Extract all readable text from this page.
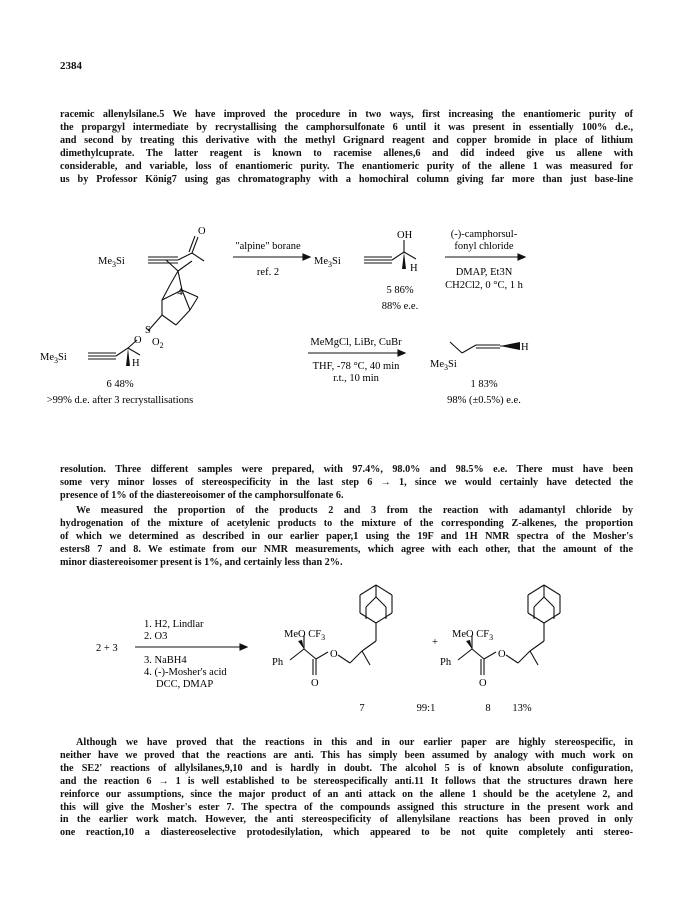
2384
racemic allenylsilane.5 We have improved the procedure in two ways, first increasing the enantiomeric purity of
the propargyl intermediate by recrystallising the camphorsulfonate 6 until it was present in essentially 100% d.e.,
and second by treating this derivative with the methyl Grignard reagent and copper bromide in place of lithium
dimethylcuprate. The latter reagent is known to racemise allenes,6 and did indeed give us allene with
considerable, and variable, loss of enantiomeric purity. The enantiomeric purity of the allene 1 was measured for
us by Professor König7 using gas chromatography with a homochiral column giving far more than just base-line
$Me_3Si$
O
"alpine" borane
ref. 2
4
$Me_3Si$
OH
H
5 86%
88% e.e.
(-)-camphorsul-
fonyl chloride
DMAP, Et3N
CH2Cl2, 0 °C, 1 h
$Me_3Si$
O
S
$O_2$
H
6 48%
>99% d.e. after 3 recrystallisations
MeMgCl, LiBr, CuBr
THF, -78 °C, 40 min
r.t., 10 min
$Me_3Si$
H
1 83%
98% (±0.5%) e.e.
resolution. Three different samples were prepared, with 97.4%, 98.0% and 98.5% e.e. There must have been
some very minor losses of stereospecificity in the last step 6 → 1, since we would certainly have detected the
presence of 1% of the diastereoisomer of the camphorsulfonate 6.
We measured the proportion of the products 2 and 3 from the reaction with adamantyl chloride by
hydrogenation of the mixture of acetylenic products to the mixture of the corresponding Z-alkenes, the proportion
of which we determined as described in our earlier paper,1 using the 19F and 1H NMR spectra of the Mosher's
esters8 7 and 8. We estimate from our NMR measurements, which agree with each other, that the amount of the
minor diastereoisomer present is 1%, and certainly less than 2%.
2 + 3
1. H2, Lindlar
2. O3
3. NaBH4
4. (-)-Mosher's acid
DCC, DMAP
MeO $CF_3$
Ph
O
O
+
MeO $CF_3$
Ph
O
O
7	99:1	8 13%
Although we have proved that the reactions in this and in our earlier paper are highly stereospecific, in
neither have we proved that the reactions are anti. This has simply been assumed by analogy with much work on
the SE2' reactions of allylsilanes,9,10 and is hardly in doubt. The alcohol 5 is of known absolute configuration,
and the reaction 6 → 1 is well established to be stereospecifically anti.11 It follows that the structures drawn here
reinforce our assumptions, since the major product of an anti attack on the allene 1 should be the acetylene 2, and
this will give the Mosher's ester 7. The spectra of the compounds assigned this structure in the present work and
in the earlier work match. However, the anti stereospecificity of allenylsilane reactions has been proved in only
one reaction,10 a diastereoselective protodesilylation, which appeared to be not quite completely anti stereo-
